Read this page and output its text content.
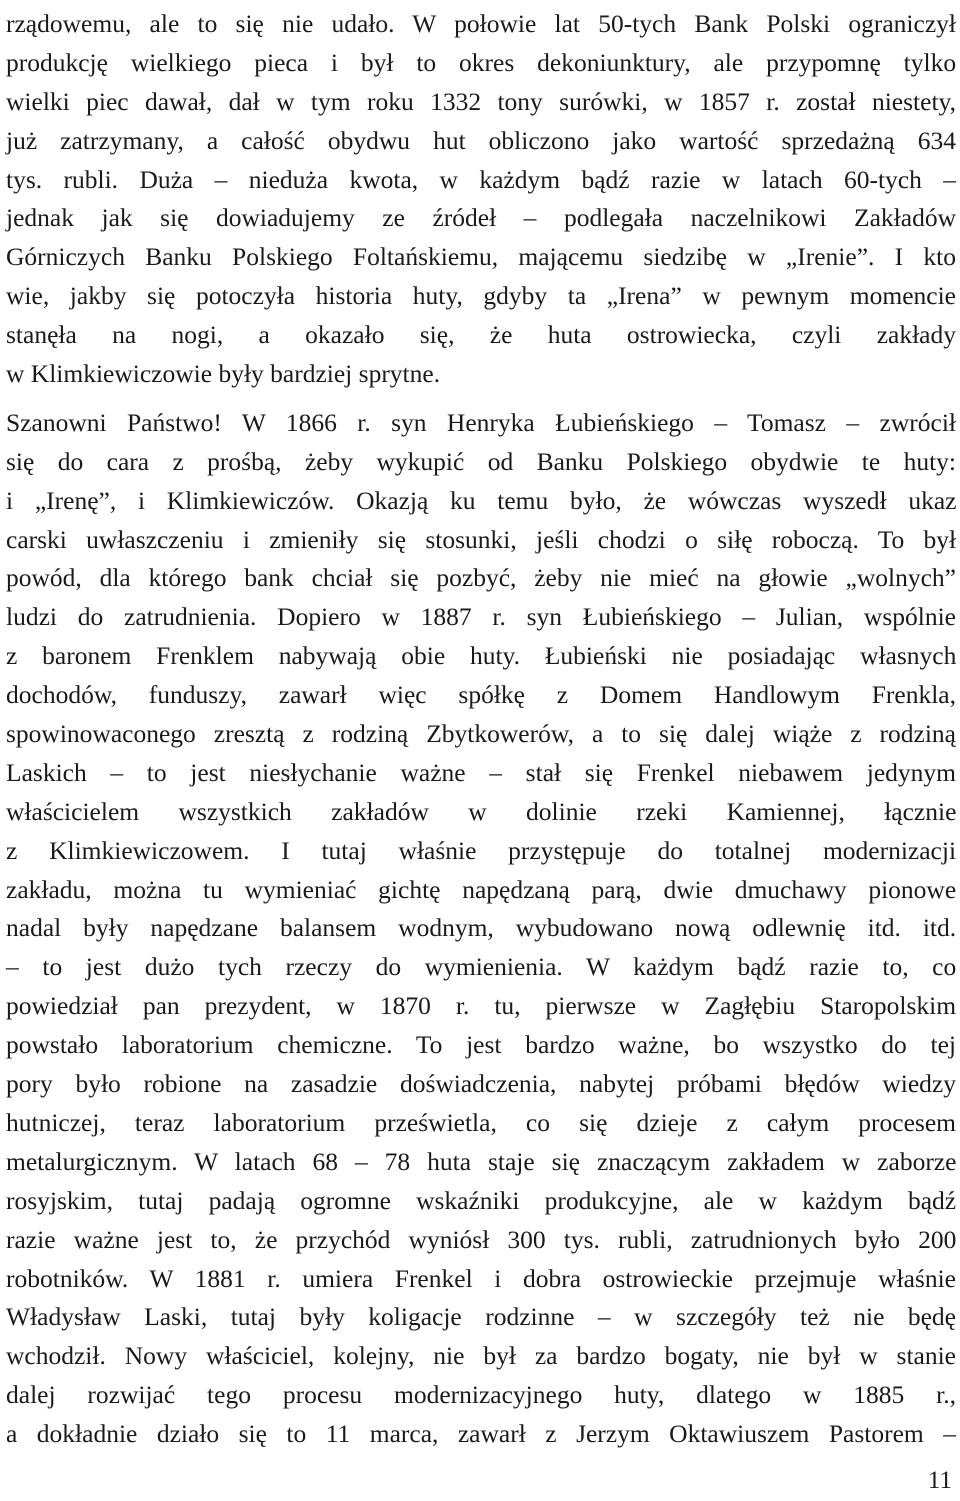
rządowemu, ale to się nie udało. W połowie lat 50-tych Bank Polski ograniczył
produkcję wielkiego pieca i był to okres dekoniunktury, ale przypomnę tylko
wielki piec dawał, dał w tym roku 1332 tony surówki, w 1857 r. został niestety,
już zatrzymany, a całość obydwu hut obliczono jako wartość sprzedażną 634
tys. rubli. Duża – nieduża kwota, w każdym bądź razie w latach 60-tych –
jednak jak się dowiadujemy ze źródeł – podlegała naczelnikowi Zakładów
Górniczych Banku Polskiego Foltańskiemu, mającemu siedzibę w „Irenie”. I kto
wie, jakby się potoczyła historia huty, gdyby ta „Irena” w pewnym momencie
stanęła na nogi, a okazało się, że huta ostrowiecka, czyli zakłady
w Klimkiewiczowie były bardziej sprytne.
Szanowni Państwo! W 1866 r. syn Henryka Łubieńskiego – Tomasz – zwrócił
się do cara z prośbą, żeby wykupić od Banku Polskiego obydwie te huty:
i „Irenę”, i Klimkiewiczów. Okazją ku temu było, że wówczas wyszedł ukaz
carski uwłaszczeniu i zmieniły się stosunki, jeśli chodzi o siłę roboczą. To był
powód, dla którego bank chciał się pozbyć, żeby nie mieć na głowie „wolnych”
ludzi do zatrudnienia. Dopiero w 1887 r. syn Łubieńskiego – Julian, wspólnie
z baronem Frenklem nabywają obie huty. Łubieński nie posiadając własnych
dochodów, funduszy, zawarł więc spółkę z Domem Handlowym Frenkla,
spowinowaconego zresztą z rodziną Zbytkowerów, a to się dalej wiąże z rodziną
Laskich – to jest niesłychanie ważne – stał się Frenkel niebawem jedynym
właścicielem wszystkich zakładów w dolinie rzeki Kamiennej, łącznie
z Klimkiewiczowem. I tutaj właśnie przystępuje do totalnej modernizacji
zakładu, można tu wymieniać gichtę napędzaną parą, dwie dmuchawy pionowe
nadal były napędzane balansem wodnym, wybudowano nową odlewnię itd. itd.
– to jest dużo tych rzeczy do wymienienia. W każdym bądź razie to, co
powiedział pan prezydent, w 1870 r. tu, pierwsze w Zagłębiu Staropolskim
powstało laboratorium chemiczne. To jest bardzo ważne, bo wszystko do tej
pory było robione na zasadzie doświadczenia, nabytej próbami błędów wiedzy
hutniczej, teraz laboratorium prześwietla, co się dzieje z całym procesem
metalurgicznym. W latach 68 – 78 huta staje się znaczącym zakładem w zaborze
rosyjskim, tutaj padają ogromne wskaźniki produkcyjne, ale w każdym bądź
razie ważne jest to, że przychód wyniósł 300 tys. rubli, zatrudnionych było 200
robotników. W 1881 r. umiera Frenkel i dobra ostrowieckie przejmuje właśnie
Władysław Laski, tutaj były koligacje rodzinne – w szczegóły też nie będę
wchodził. Nowy właściciel, kolejny, nie był za bardzo bogaty, nie był w stanie
dalej rozwijać tego procesu modernizacyjnego huty, dlatego w 1885 r.,
a dokładnie działo się to 11 marca, zawarł z Jerzym Oktawiuszem Pastorem –
11
